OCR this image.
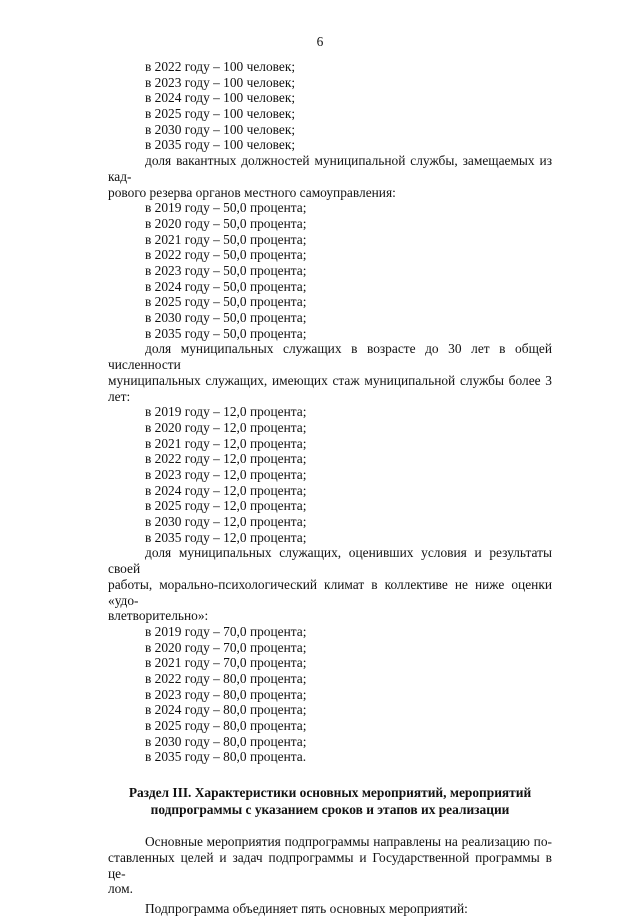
6
в 2022 году – 100 человек;
в 2023 году – 100 человек;
в 2024 году – 100 человек;
в 2025 году – 100 человек;
в 2030 году – 100 человек;
в 2035 году – 100 человек;
доля вакантных должностей муниципальной службы, замещаемых из кад-
рового резерва органов местного самоуправления:
в 2019 году – 50,0 процента;
в 2020 году – 50,0 процента;
в 2021 году – 50,0 процента;
в 2022 году – 50,0 процента;
в 2023 году – 50,0 процента;
в 2024 году – 50,0 процента;
в 2025 году – 50,0 процента;
в 2030 году – 50,0 процента;
в 2035 году – 50,0 процента;
доля муниципальных служащих в возрасте до 30 лет в общей численности
муниципальных служащих, имеющих стаж муниципальной службы более 3 лет:
в 2019 году – 12,0 процента;
в 2020 году – 12,0 процента;
в 2021 году – 12,0 процента;
в 2022 году – 12,0 процента;
в 2023 году – 12,0 процента;
в 2024 году – 12,0 процента;
в 2025 году – 12,0 процента;
в 2030 году – 12,0 процента;
в 2035 году – 12,0 процента;
доля муниципальных служащих, оценивших условия и результаты своей
работы, морально-психологический климат в коллективе не ниже оценки «удо-
влетворительно»:
в 2019 году – 70,0 процента;
в 2020 году – 70,0 процента;
в 2021 году – 70,0 процента;
в 2022 году – 80,0 процента;
в 2023 году – 80,0 процента;
в 2024 году – 80,0 процента;
в 2025 году – 80,0 процента;
в 2030 году – 80,0 процента;
в 2035 году – 80,0 процента.
Раздел III. Характеристики основных мероприятий, мероприятий
подпрограммы с указанием сроков и этапов их реализации
Основные мероприятия подпрограммы направлены на реализацию по-
ставленных целей и задач подпрограммы и Государственной программы в це-
лом.
Подпрограмма объединяет пять основных мероприятий:
